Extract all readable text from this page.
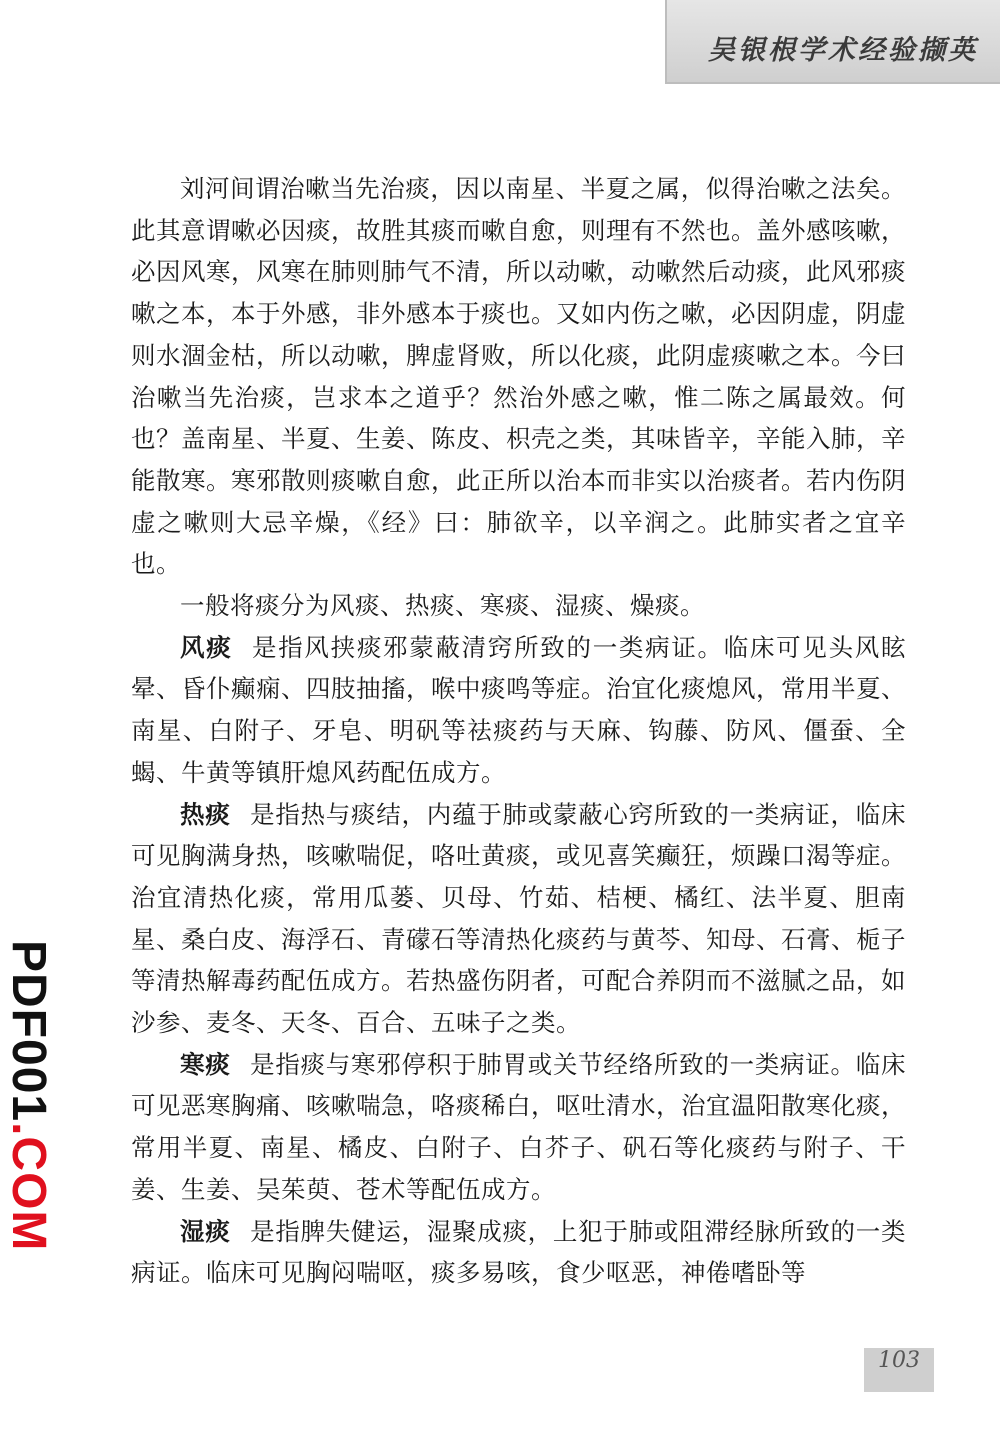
吴银根学术经验撷英

刘河间谓治嗽当先治痰，因以南星、半夏之属，似得治嗽之法矣。此其意谓嗽必因痰，故胜其痰而嗽自愈，则理有不然也。盖外感咳嗽，必因风寒，风寒在肺则肺气不清，所以动嗽，动嗽然后动痰，此风邪痰嗽之本，本于外感，非外感本于痰也。又如内伤之嗽，必因阴虚，阴虚则水涸金枯，所以动嗽，脾虚肾败，所以化痰，此阴虚痰嗽之本。今曰治嗽当先治痰，岂求本之道乎？然治外感之嗽，惟二陈之属最效。何也？盖南星、半夏、生姜、陈皮、枳壳之类，其味皆辛，辛能入肺，辛能散寒。寒邪散则痰嗽自愈，此正所以治本而非实以治痰者。若内伤阴虚之嗽则大忌辛燥，《经》曰：肺欲辛，以辛润之。此肺实者之宜辛也。

一般将痰分为风痰、热痰、寒痰、湿痰、燥痰。

风痰 是指风挟痰邪蒙蔽清窍所致的一类病证。临床可见头风眩晕、昏仆癫痫、四肢抽搐，喉中痰鸣等症。治宜化痰熄风，常用半夏、南星、白附子、牙皂、明矾等祛痰药与天麻、钩藤、防风、僵蚕、全蝎、牛黄等镇肝熄风药配伍成方。

热痰 是指热与痰结，内蕴于肺或蒙蔽心窍所致的一类病证，临床可见胸满身热，咳嗽喘促，咯吐黄痰，或见喜笑癫狂，烦躁口渴等症。治宜清热化痰，常用瓜蒌、贝母、竹茹、桔梗、橘红、法半夏、胆南星、桑白皮、海浮石、青礞石等清热化痰药与黄芩、知母、石膏、栀子等清热解毒药配伍成方。若热盛伤阴者，可配合养阴而不滋腻之品，如沙参、麦冬、天冬、百合、五味子之类。

寒痰 是指痰与寒邪停积于肺胃或关节经络所致的一类病证。临床可见恶寒胸痛、咳嗽喘急，咯痰稀白，呕吐清水，治宜温阳散寒化痰，常用半夏、南星、橘皮、白附子、白芥子、矾石等化痰药与附子、干姜、生姜、吴茱萸、苍术等配伍成方。

湿痰 是指脾失健运，湿聚成痰，上犯于肺或阻滞经脉所致的一类病证。临床可见胸闷喘呕，痰多易咳，食少呕恶，神倦嗜卧等

PDF001.COM
103
